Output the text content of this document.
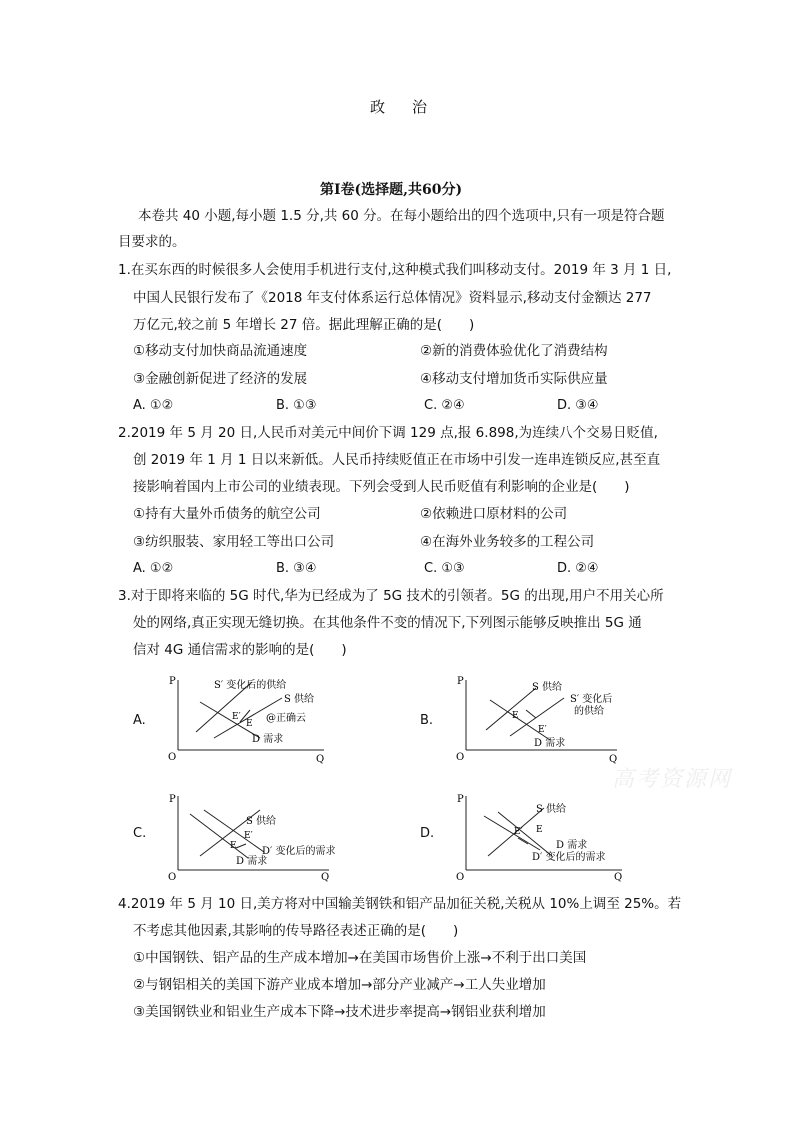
政　治
第Ⅰ卷(选择题,共60分)
本卷共 40 小题,每小题 1.5 分,共 60 分。在每小题给出的四个选项中,只有一项是符合题
目要求的。
1.在买东西的时候很多人会使用手机进行支付,这种模式我们叫移动支付。2019 年 3 月 1 日,
中国人民银行发布了《2018 年支付体系运行总体情况》资料显示,移动支付金额达 277
万亿元,较之前 5 年增长 27 倍。据此理解正确的是(　　)
①移动支付加快商品流通速度	②新的消费体验优化了消费结构
③金融创新促进了经济的发展	④移动支付增加货币实际供应量
A. ①②	B. ①③	C. ②④	D. ③④
2.2019 年 5 月 20 日,人民币对美元中间价下调 129 点,报 6.898,为连续八个交易日贬值,
创 2019 年 1 月 1 日以来新低。人民币持续贬值正在市场中引发一连串连锁反应,甚至直
接影响着国内上市公司的业绩表现。下列会受到人民币贬值有利影响的企业是(　　)
①持有大量外币债务的航空公司	②依赖进口原材料的公司
③纺织服装、家用轻工等出口公司	④在海外业务较多的工程公司
A. ①②	B. ③④	C. ①③	D. ②④
3.对于即将来临的 5G 时代,华为已经成为了 5G 技术的引领者。5G 的出现,用户不用关心所
处的网络,真正实现无缝切换。在其他条件不变的情况下,下列图示能够反映推出 5G 通
信对 4G 通信需求的影响的是(　　)
A.	B.
C.	D.
P
Q
O
S′ 变化后的供给
S 供给
E′
E @正确云
D 需求
P
Q
O
S 供给
S′ 变化后
的供给
E
E′
D 需求
P
Q
O
S 供给
E′
E	D′ 变化后的需求
D 需求
P
Q
O
S 供给
E
E′
D 需求
D′ 变化后的需求
高考资源网
4.2019 年 5 月 10 日,美方将对中国输美钢铁和铝产品加征关税,关税从 10%上调至 25%。若
不考虑其他因素,其影响的传导路径表述正确的是(　　)
①中国钢铁、铝产品的生产成本增加→在美国市场售价上涨→不利于出口美国
②与钢铝相关的美国下游产业成本增加→部分产业减产→工人失业增加
③美国钢铁业和铝业生产成本下降→技术进步率提高→钢铝业获利增加
